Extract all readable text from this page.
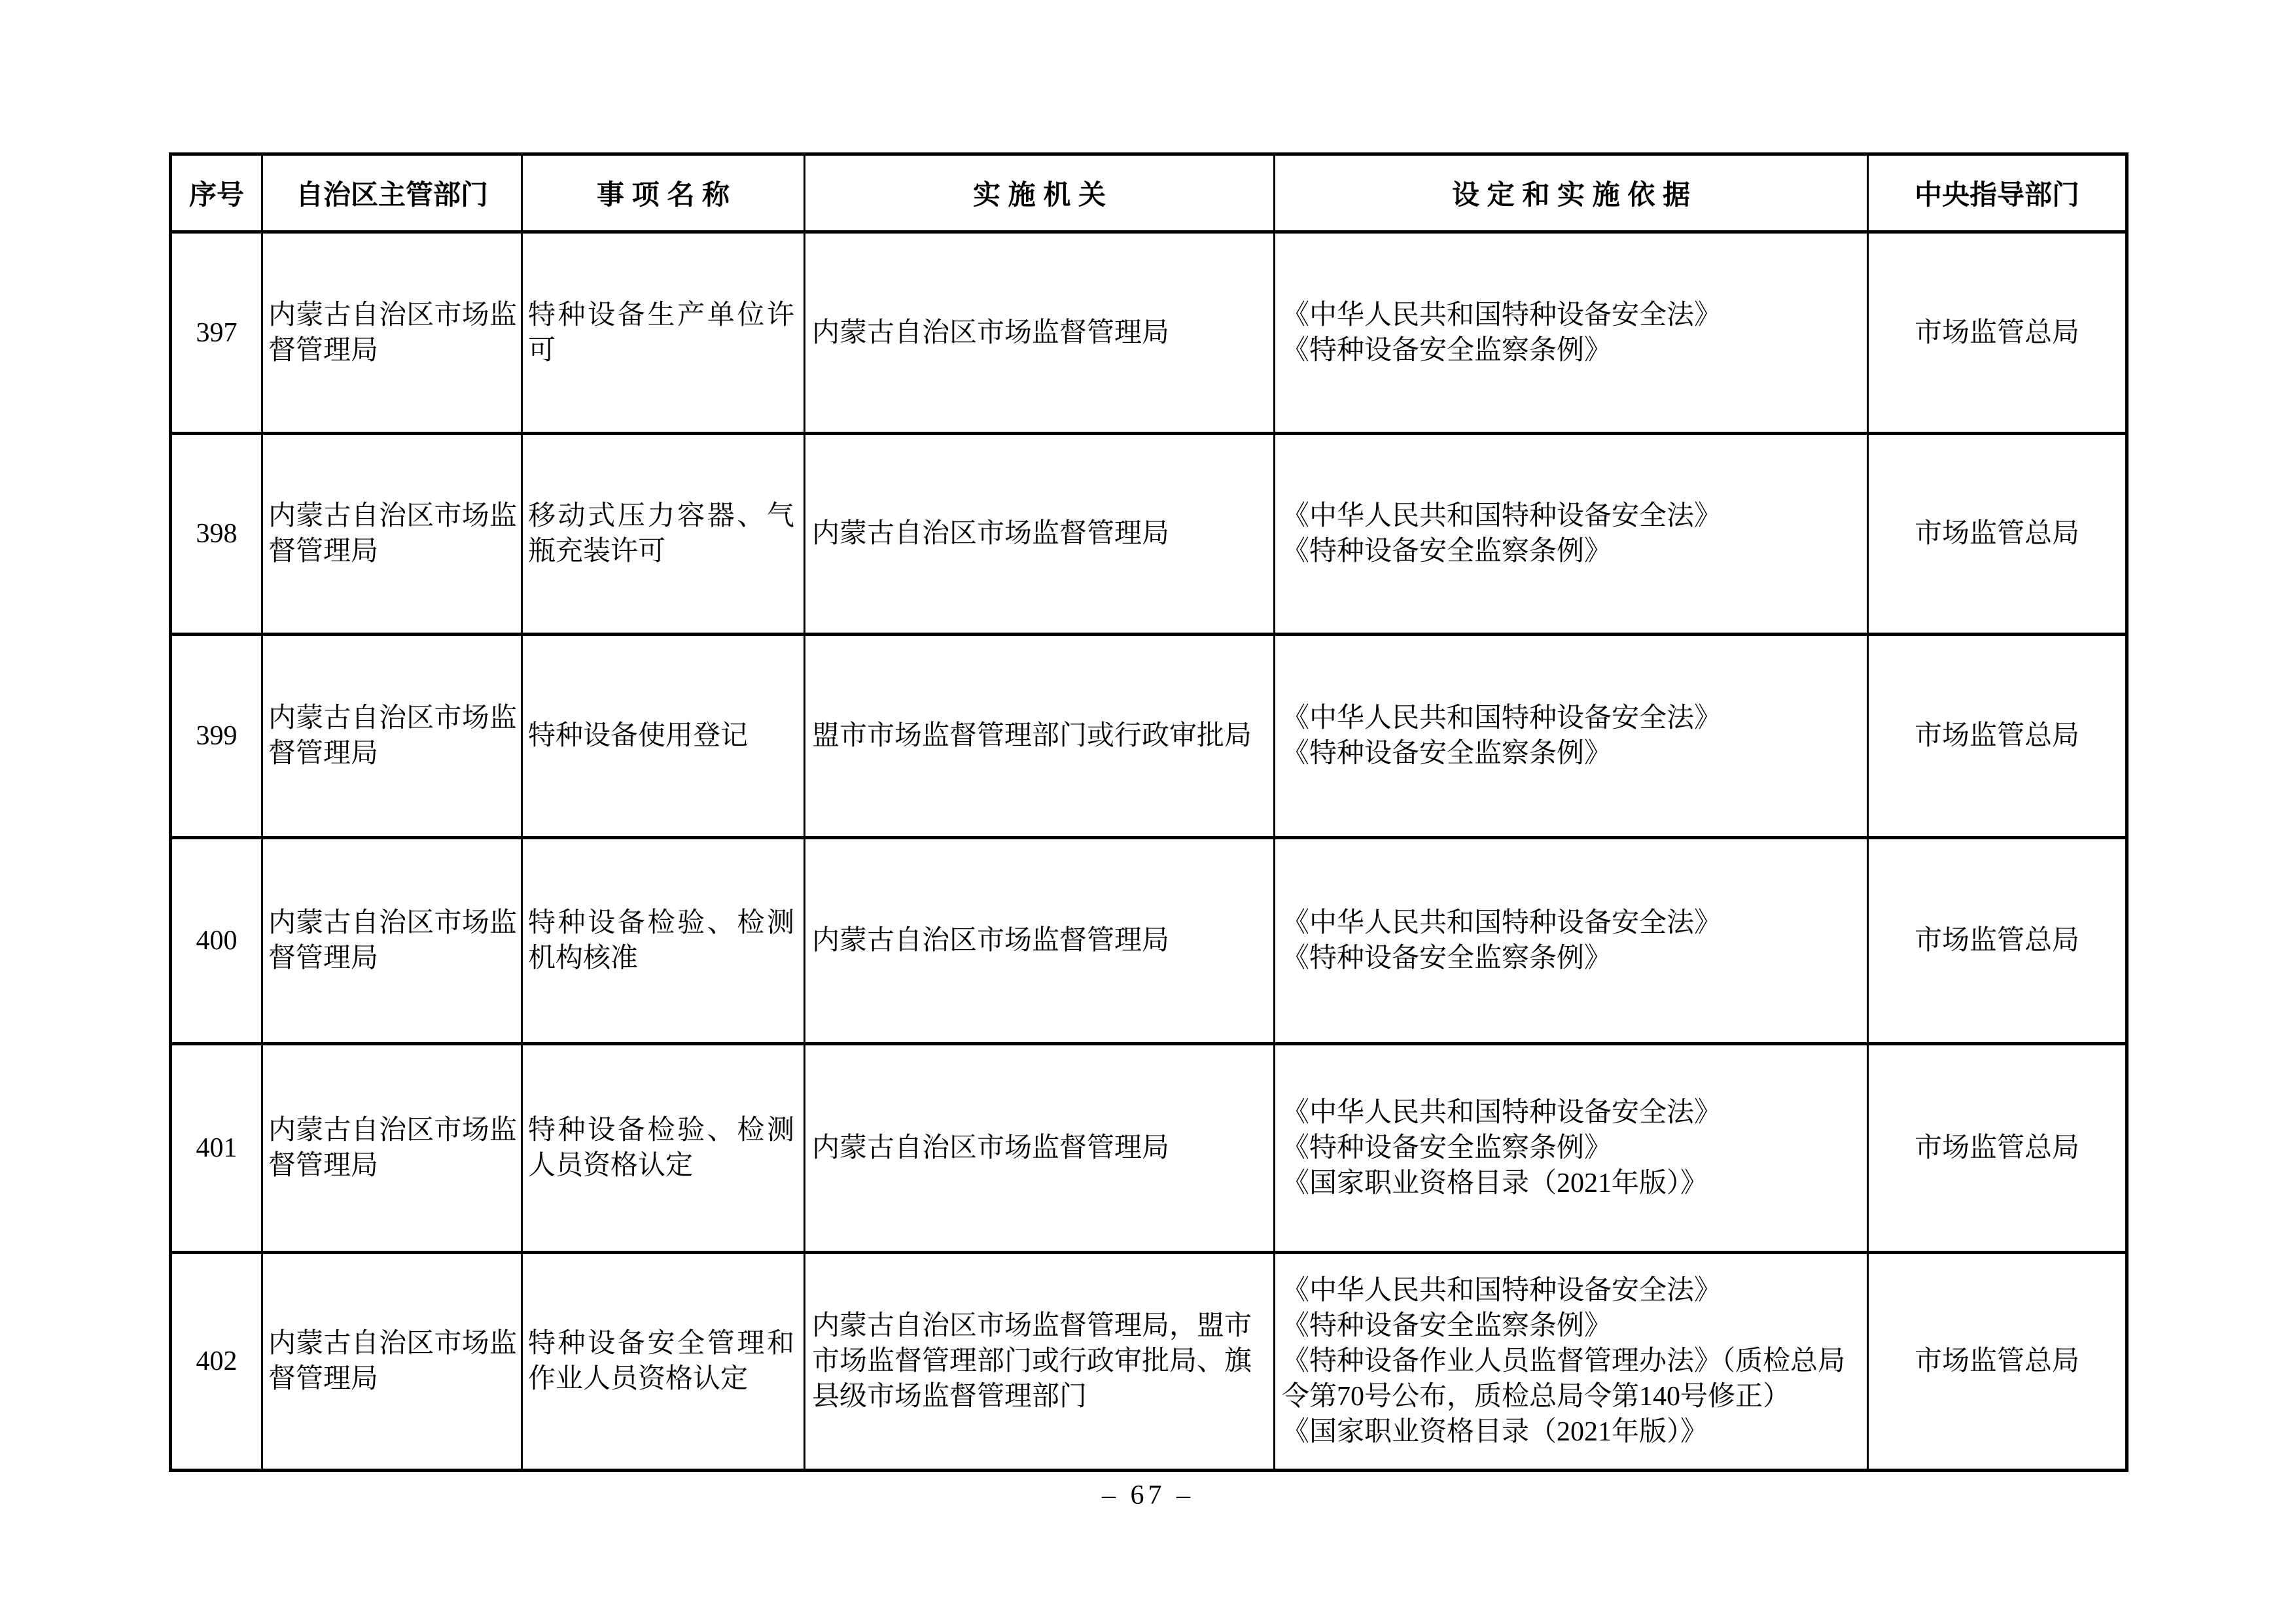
序号	自治区主管部门	事 项 名 称	实 施 机 关	设 定 和 实 施 依 据	中央指导部门
397	内蒙古自治区市场监督管理局	特种设备生产单位许可	内蒙古自治区市场监督管理局	《中华人民共和国特种设备安全法》
《特种设备安全监察条例》	市场监管总局
398	内蒙古自治区市场监督管理局	移动式压力容器、气瓶充装许可	内蒙古自治区市场监督管理局	《中华人民共和国特种设备安全法》
《特种设备安全监察条例》	市场监管总局
399	内蒙古自治区市场监督管理局	特种设备使用登记	盟市市场监督管理部门或行政审批局	《中华人民共和国特种设备安全法》
《特种设备安全监察条例》	市场监管总局
400	内蒙古自治区市场监督管理局	特种设备检验、检测机构核准	内蒙古自治区市场监督管理局	《中华人民共和国特种设备安全法》
《特种设备安全监察条例》	市场监管总局
401	内蒙古自治区市场监督管理局	特种设备检验、检测人员资格认定	内蒙古自治区市场监督管理局	《中华人民共和国特种设备安全法》
《特种设备安全监察条例》
《国家职业资格目录（2021年版）》	市场监管总局
402	内蒙古自治区市场监督管理局	特种设备安全管理和作业人员资格认定	内蒙古自治区市场监督管理局，盟市市场监督管理部门或行政审批局、旗县级市场监督管理部门	《中华人民共和国特种设备安全法》
《特种设备安全监察条例》
《特种设备作业人员监督管理办法》（质检总局令第70号公布，质检总局令第140号修正）
《国家职业资格目录（2021年版）》	市场监管总局
– 67 –
